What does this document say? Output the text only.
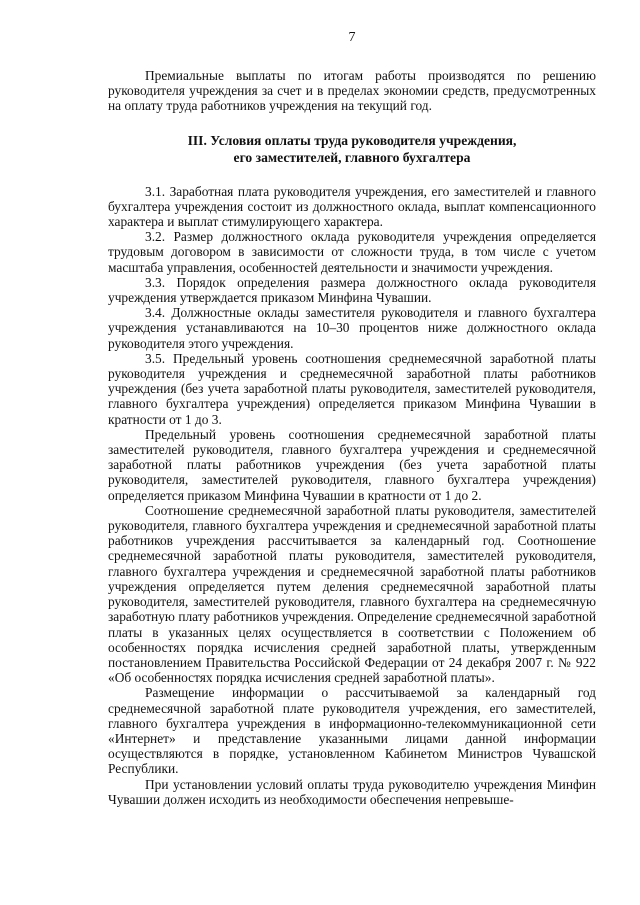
7

Премиальные выплаты по итогам работы производятся по решению руководителя учреждения за счет и в пределах экономии средств, предусмотренных на оплату труда работников учреждения на текущий год.

III. Условия оплаты труда руководителя учреждения,
его заместителей, главного бухгалтера

3.1. Заработная плата руководителя учреждения, его заместителей и главного бухгалтера учреждения состоит из должностного оклада, выплат компенсационного характера и выплат стимулирующего характера.

3.2. Размер должностного оклада руководителя учреждения определяется трудовым договором в зависимости от сложности труда, в том числе с учетом масштаба управления, особенностей деятельности и значимости учреждения.

3.3. Порядок определения размера должностного оклада руководителя учреждения утверждается приказом Минфина Чувашии.

3.4. Должностные оклады заместителя руководителя и главного бухгалтера учреждения устанавливаются на 10–30 процентов ниже должностного оклада руководителя этого учреждения.

3.5. Предельный уровень соотношения среднемесячной заработной платы руководителя учреждения и среднемесячной заработной платы работников учреждения (без учета заработной платы руководителя, заместителей руководителя, главного бухгалтера учреждения) определяется приказом Минфина Чувашии в кратности от 1 до 3.

Предельный уровень соотношения среднемесячной заработной платы заместителей руководителя, главного бухгалтера учреждения и среднемесячной заработной платы работников учреждения (без учета заработной платы руководителя, заместителей руководителя, главного бухгалтера учреждения) определяется приказом Минфина Чувашии в кратности от 1 до 2.

Соотношение среднемесячной заработной платы руководителя, заместителей руководителя, главного бухгалтера учреждения и среднемесячной заработной платы работников учреждения рассчитывается за календарный год. Соотношение среднемесячной заработной платы руководителя, заместителей руководителя, главного бухгалтера учреждения и среднемесячной заработной платы работников учреждения определяется путем деления среднемесячной заработной платы руководителя, заместителей руководителя, главного бухгалтера на среднемесячную заработную плату работников учреждения. Определение среднемесячной заработной платы в указанных целях осуществляется в соответствии с Положением об особенностях порядка исчисления средней заработной платы, утвержденным постановлением Правительства Российской Федерации от 24 декабря 2007 г. № 922 «Об особенностях порядка исчисления средней заработной платы».

Размещение информации о рассчитываемой за календарный год среднемесячной заработной плате руководителя учреждения, его заместителей, главного бухгалтера учреждения в информационно-телекоммуникационной сети «Интернет» и представление указанными лицами данной информации осуществляются в порядке, установленном Кабинетом Министров Чувашской Республики.

При установлении условий оплаты труда руководителю учреждения Минфин Чувашии должен исходить из необходимости обеспечения непревыше-
